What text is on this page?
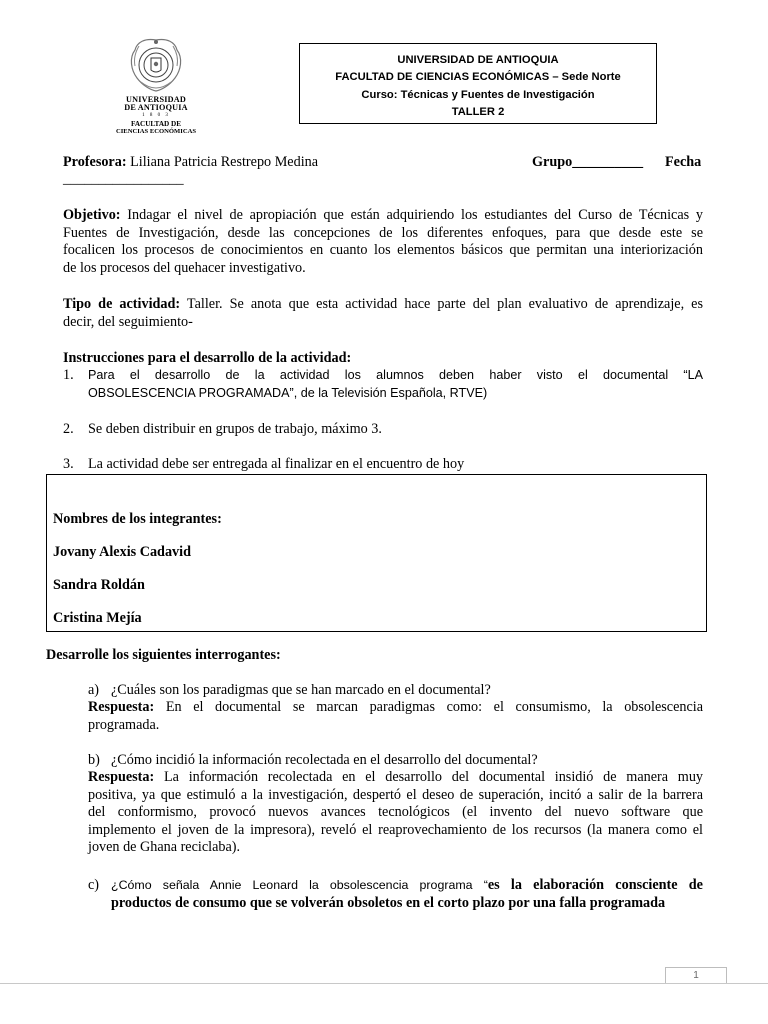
UNIVERSIDAD
DE ANTIOQUIA
1 8 0 3
FACULTAD DE
CIENCIAS ECONÓMICAS
UNIVERSIDAD DE ANTIOQUIA
FACULTAD DE CIENCIAS ECONÓMICAS – Sede Norte
Curso: Técnicas y Fuentes de Investigación
TALLER 2
Profesora: Liliana Patricia Restrepo Medina	Grupo__________ Fecha
_________________
Objetivo: Indagar el nivel de apropiación que están adquiriendo los estudiantes del Curso de Técnicas y
Fuentes de Investigación, desde las concepciones de los diferentes enfoques, para que desde este se
focalicen los procesos de conocimientos en cuanto los elementos básicos que permitan una interiorización
de los procesos del quehacer investigativo.
Tipo de actividad: Taller. Se anota que esta actividad hace parte del plan evaluativo de aprendizaje, es
decir, del seguimiento-
Instrucciones para el desarrollo de la actividad:
1. Para el desarrollo de la actividad los alumnos deben haber visto el documental “LA
OBSOLESCENCIA PROGRAMADA”, de la Televisión Española, RTVE)
2. Se deben distribuir en grupos de trabajo, máximo 3.
3. La actividad debe ser entregada al finalizar en el encuentro de hoy
Nombres de los integrantes:
Jovany Alexis Cadavid
Sandra Roldán
Cristina Mejía
Desarrolle los siguientes interrogantes:
a) ¿Cuáles son los paradigmas que se han marcado en el documental?
Respuesta: En el documental se marcan paradigmas como: el consumismo, la obsolescencia
programada.
b) ¿Cómo incidió la información recolectada en el desarrollo del documental?
Respuesta: La información recolectada en el desarrollo del documental insidió de manera muy
positiva, ya que estimuló a la investigación, despertó el deseo de superación, incitó a salir de la barrera
del conformismo, provocó nuevos avances tecnológicos (el invento del nuevo software que
implemento el joven de la impresora), reveló el reaprovechamiento de los recursos (la manera como el
joven de Ghana reciclaba).
c) ¿Cómo señala Annie Leonard la obsolescencia programa “es la elaboración consciente de
productos de consumo que se volverán obsoletos en el corto plazo por una falla programada
1
